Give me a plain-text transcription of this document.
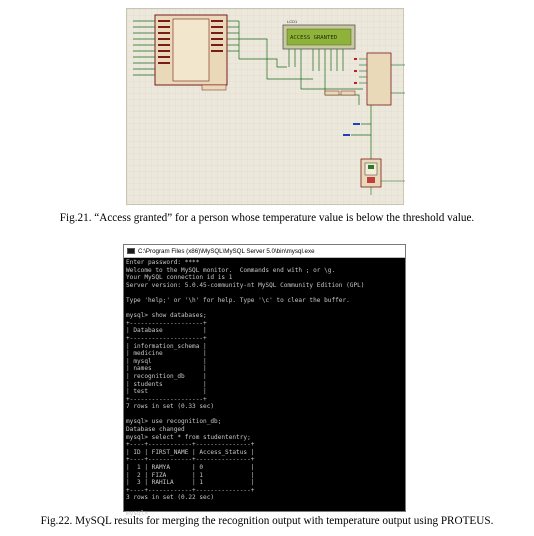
LCD1
ACCESS GRANTED
Fig.21. “Access granted” for a person whose temperature value is below the threshold value.
C:\Program Files (x86)\MySQL\MySQL Server 5.0\bin\mysql.exe
Enter password: ****
Welcome to the MySQL monitor.  Commands end with ; or \g.
Your MySQL connection id is 1
Server version: 5.0.45-community-nt MySQL Community Edition (GPL)

Type 'help;' or '\h' for help. Type '\c' to clear the buffer.

mysql> show databases;
+--------------------+
| Database           |
+--------------------+
| information_schema |
| medicine           |
| mysql              |
| names              |
| recognition_db     |
| students           |
| test               |
+--------------------+
7 rows in set (0.33 sec)

mysql> use recognition_db;
Database changed
mysql> select * from studententry;
+----+------------+---------------+
| ID | FIRST_NAME | Access_Status |
+----+------------+---------------+
|  1 | RAMYA      | 0             |
|  2 | FIZA       | 1             |
|  3 | RAHILA     | 1             |
+----+------------+---------------+
3 rows in set (0.22 sec)

mysql>
Fig.22. MySQL results for merging the recognition output with temperature output using PROTEUS.
